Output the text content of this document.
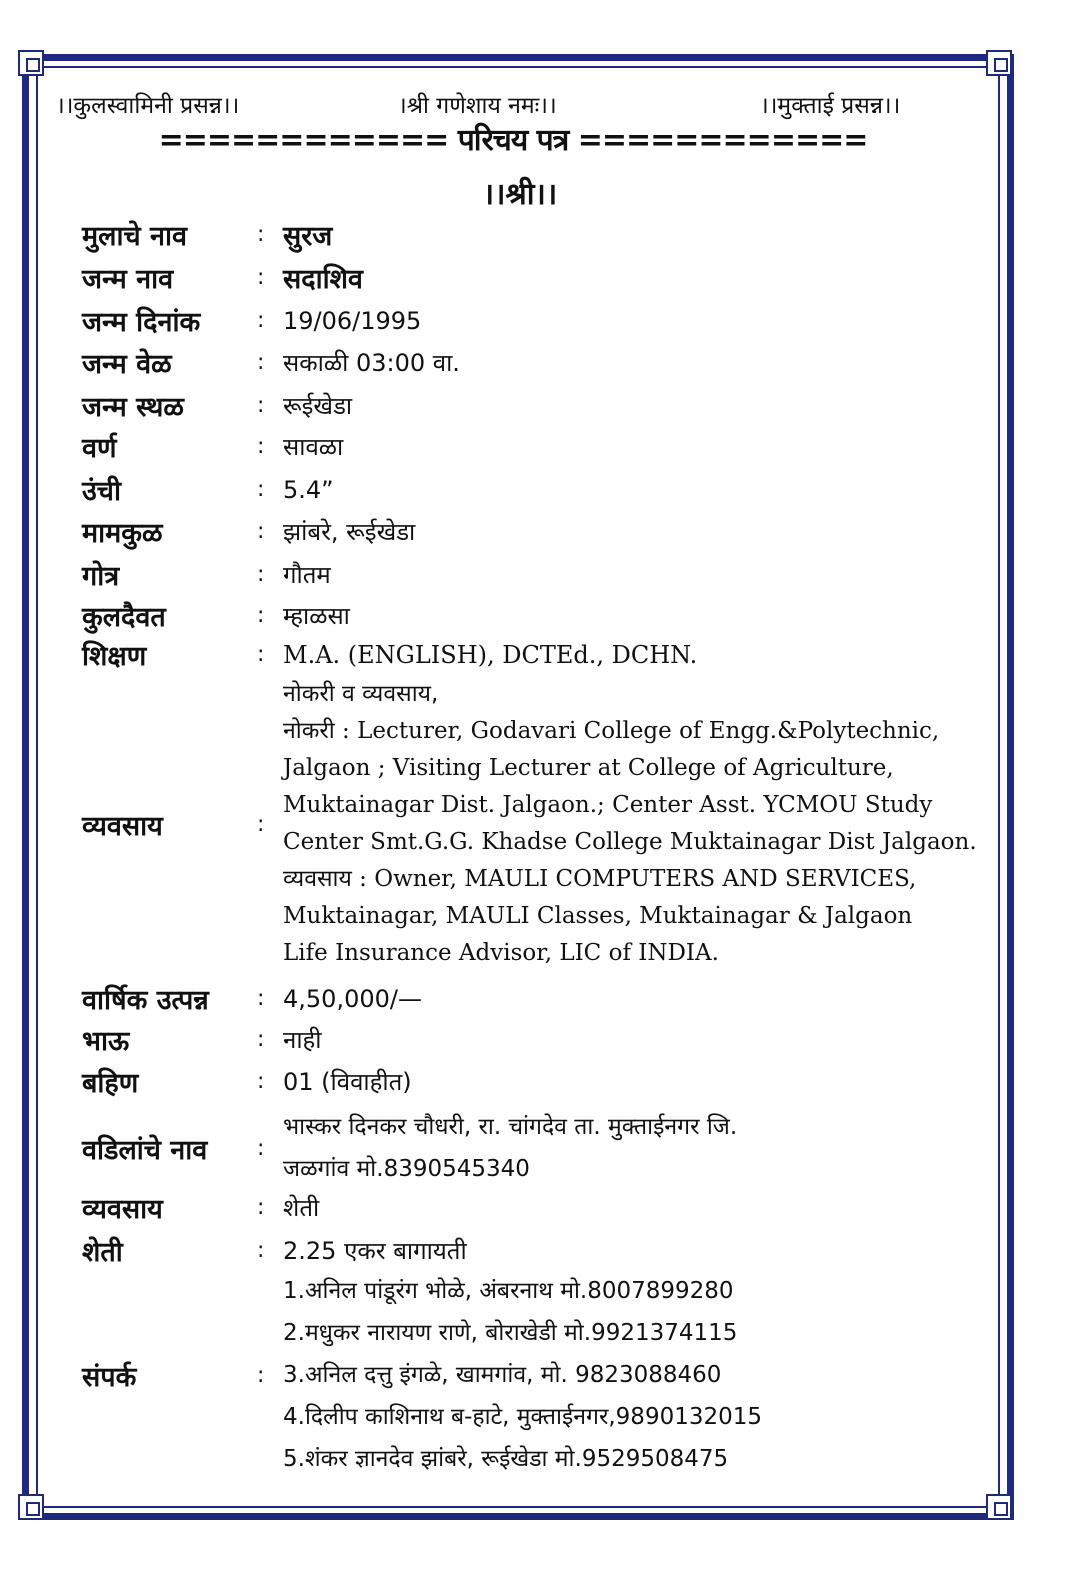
।।कुलस्वामिनी प्रसन्न।।	।श्री गणेशाय नमः।।	।।मुक्ताई प्रसन्न।।
============ परिचय पत्र ============
।।श्री।।
मुलाचे नाव	: सुरज
जन्म नाव	: सदाशिव
जन्म दिनांक	: 19/06/1995
जन्म वेळ	: सकाळी 03:00 वा.
जन्म स्थळ	: रूईखेडा
वर्ण	: सावळा
उंची	: 5.4”
मामकुळ	: झांबरे, रूईखेडा
गोत्र	: गौतम
कुलदैवत	: म्हाळसा
शिक्षण	: M.A. (ENGLISH), DCTEd., DCHN.
व्यवसाय	:
नोकरी व व्यवसाय,
नोकरी : Lecturer, Godavari College of Engg.&Polytechnic,
Jalgaon ; Visiting Lecturer at College of Agriculture,
Muktainagar Dist. Jalgaon.; Center Asst. YCMOU Study
Center Smt.G.G. Khadse College Muktainagar Dist Jalgaon.
व्यवसाय : Owner, MAULI COMPUTERS AND SERVICES,
Muktainagar, MAULI Classes, Muktainagar & Jalgaon
Life Insurance Advisor, LIC of INDIA.
वार्षिक उत्पन्न	: 4,50,000/—
भाऊ	: नाही
बहिण	: 01 (विवाहीत)
वडिलांचे नाव	:
भास्कर दिनकर चौधरी, रा. चांगदेव ता. मुक्ताईनगर जि.
जळगांव मो.8390545340
व्यवसाय	: शेती
शेती	: 2.25 एकर बागायती
संपर्क	:
1.अनिल पांडूरंग भोळे, अंबरनाथ मो.8007899280
2.मधुकर नारायण राणे, बोराखेडी मो.9921374115
3.अनिल दत्तु इंगळे, खामगांव, मो. 9823088460
4.दिलीप काशिनाथ ब-हाटे, मुक्ताईनगर,9890132015
5.शंकर ज्ञानदेव झांबरे, रूईखेडा मो.9529508475
